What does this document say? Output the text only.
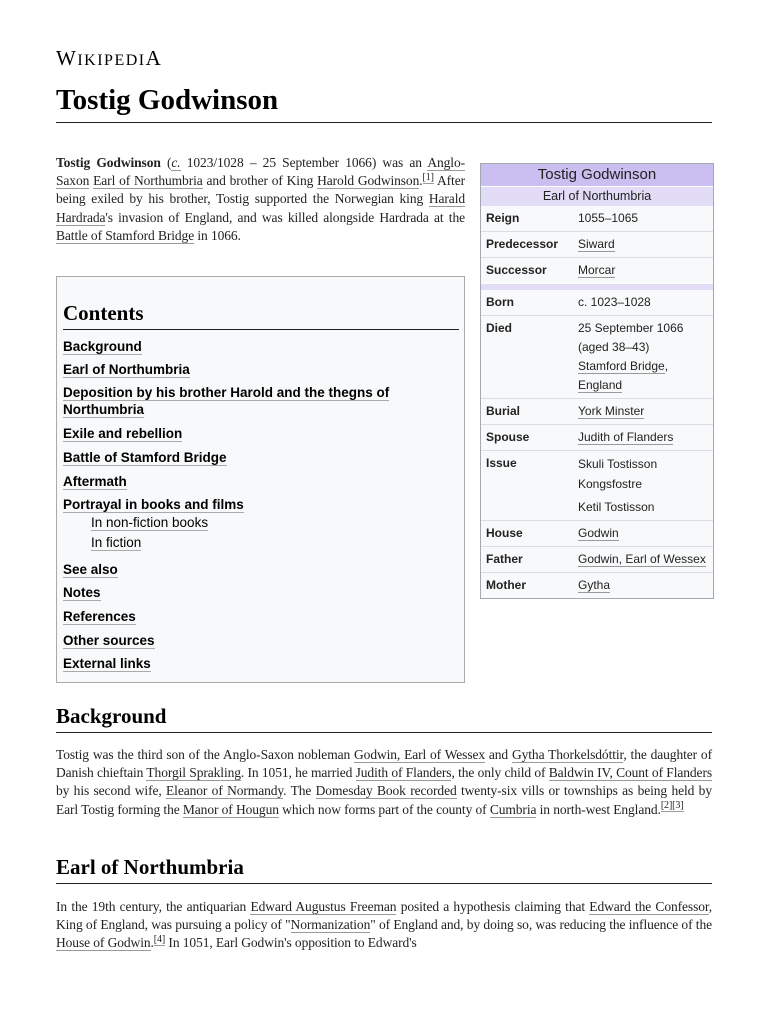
WIKIPEDIA
Tostig Godwinson

Tostig Godwinson (c. 1023/1028 – 25 September 1066) was an Anglo-Saxon Earl of Northumbria and brother of King Harold Godwinson.[1] After being exiled by his brother, Tostig supported the Norwegian king Harald Hardrada's invasion of England, and was killed alongside Hardrada at the Battle of Stamford Bridge in 1066.

Tostig Godwinson
Earl of Northumbria
Reign	1055–1065
Predecessor	Siward
Successor	Morcar
Born	c. 1023–1028
Died	25 September 1066
(aged 38–43)
Stamford Bridge,
England
Burial	York Minster
Spouse	Judith of Flanders
Issue	Skuli Tostisson
Kongsfostre
Ketil Tostisson
House	Godwin
Father	Godwin, Earl of Wessex
Mother	Gytha
Contents
Background
Earl of Northumbria
Deposition by his brother Harold and the thegns of
Northumbria
Exile and rebellion
Battle of Stamford Bridge
Aftermath
Portrayal in books and films
In non-fiction books
In fiction
See also
Notes
References
Other sources
External links
Background

Tostig was the third son of the Anglo-Saxon nobleman Godwin, Earl of Wessex and Gytha Thorkelsdóttir, the daughter of Danish chieftain Thorgil Sprakling. In 1051, he married Judith of Flanders, the only child of Baldwin IV, Count of Flanders by his second wife, Eleanor of Normandy. The Domesday Book recorded twenty-six vills or townships as being held by Earl Tostig forming the Manor of Hougun which now forms part of the county of Cumbria in north-west England.[2][3]

Earl of Northumbria

In the 19th century, the antiquarian Edward Augustus Freeman posited a hypothesis claiming that Edward the Confessor, King of England, was pursuing a policy of "Normanization" of England and, by doing so, was reducing the influence of the House of Godwin.[4] In 1051, Earl Godwin's opposition to Edward's
